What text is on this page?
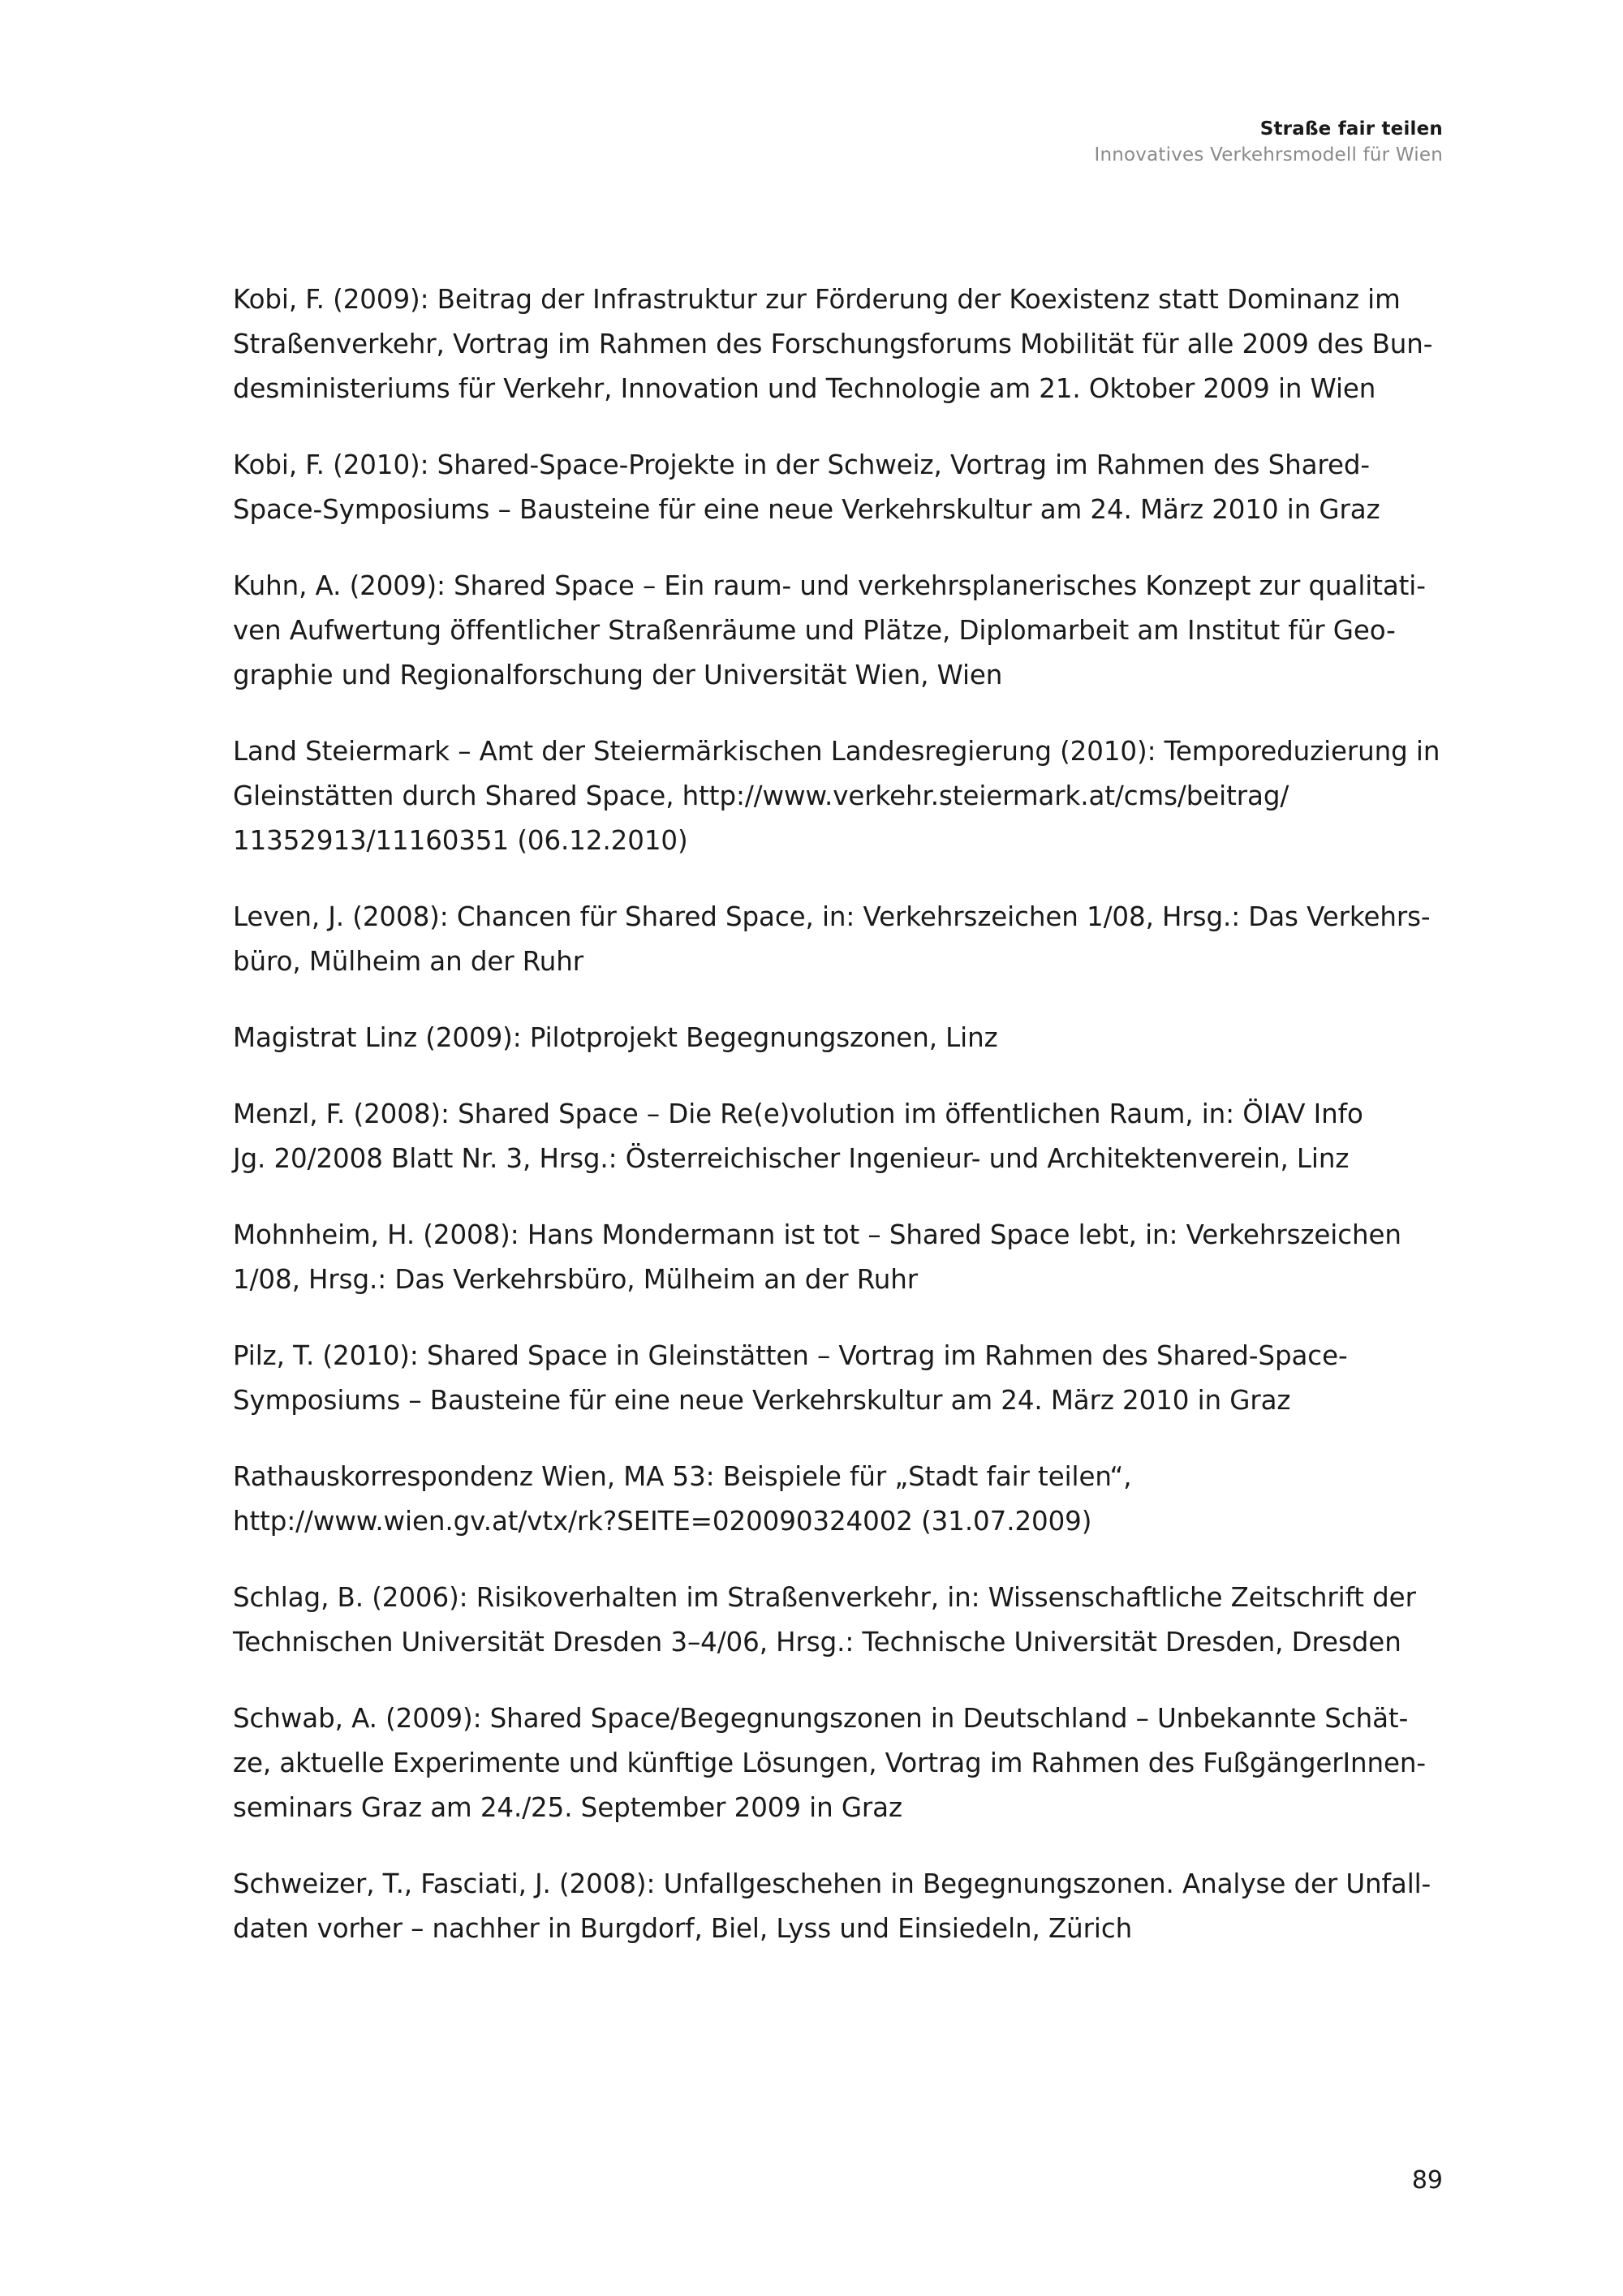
Straße fair teilen
Innovatives Verkehrsmodell für Wien

Kobi, F. (2009): Beitrag der Infrastruktur zur Förderung der Koexistenz statt Dominanz im
Straßenverkehr, Vortrag im Rahmen des Forschungsforums Mobilität für alle 2009 des Bun-
desministeriums für Verkehr, Innovation und Technologie am 21. Oktober 2009 in Wien

Kobi, F. (2010): Shared-Space-Projekte in der Schweiz, Vortrag im Rahmen des Shared-
Space-Symposiums – Bausteine für eine neue Verkehrskultur am 24. März 2010 in Graz

Kuhn, A. (2009): Shared Space – Ein raum- und verkehrsplanerisches Konzept zur qualitati-
ven Aufwertung öffentlicher Straßenräume und Plätze, Diplomarbeit am Institut für Geo-
graphie und Regionalforschung der Universität Wien, Wien

Land Steiermark – Amt der Steiermärkischen Landesregierung (2010): Temporeduzierung in
Gleinstätten durch Shared Space, http://www.verkehr.steiermark.at/cms/beitrag/
11352913/11160351 (06.12.2010)

Leven, J. (2008): Chancen für Shared Space, in: Verkehrszeichen 1/08, Hrsg.: Das Verkehrs-
büro, Mülheim an der Ruhr

Magistrat Linz (2009): Pilotprojekt Begegnungszonen, Linz

Menzl, F. (2008): Shared Space – Die Re(e)volution im öffentlichen Raum, in: ÖIAV Info
Jg. 20/2008 Blatt Nr. 3, Hrsg.: Österreichischer Ingenieur- und Architektenverein, Linz

Mohnheim, H. (2008): Hans Mondermann ist tot – Shared Space lebt, in: Verkehrszeichen
1/08, Hrsg.: Das Verkehrsbüro, Mülheim an der Ruhr

Pilz, T. (2010): Shared Space in Gleinstätten – Vortrag im Rahmen des Shared-Space-
Symposiums – Bausteine für eine neue Verkehrskultur am 24. März 2010 in Graz

Rathauskorrespondenz Wien, MA 53: Beispiele für „Stadt fair teilen“,
http://www.wien.gv.at/vtx/rk?SEITE=020090324002 (31.07.2009)

Schlag, B. (2006): Risikoverhalten im Straßenverkehr, in: Wissenschaftliche Zeitschrift der
Technischen Universität Dresden 3–4/06, Hrsg.: Technische Universität Dresden, Dresden

Schwab, A. (2009): Shared Space/Begegnungszonen in Deutschland – Unbekannte Schät-
ze, aktuelle Experimente und künftige Lösungen, Vortrag im Rahmen des FußgängerInnen-
seminars Graz am 24./25. September 2009 in Graz

Schweizer, T., Fasciati, J. (2008): Unfallgeschehen in Begegnungszonen. Analyse der Unfall-
daten vorher – nachher in Burgdorf, Biel, Lyss und Einsiedeln, Zürich

89
